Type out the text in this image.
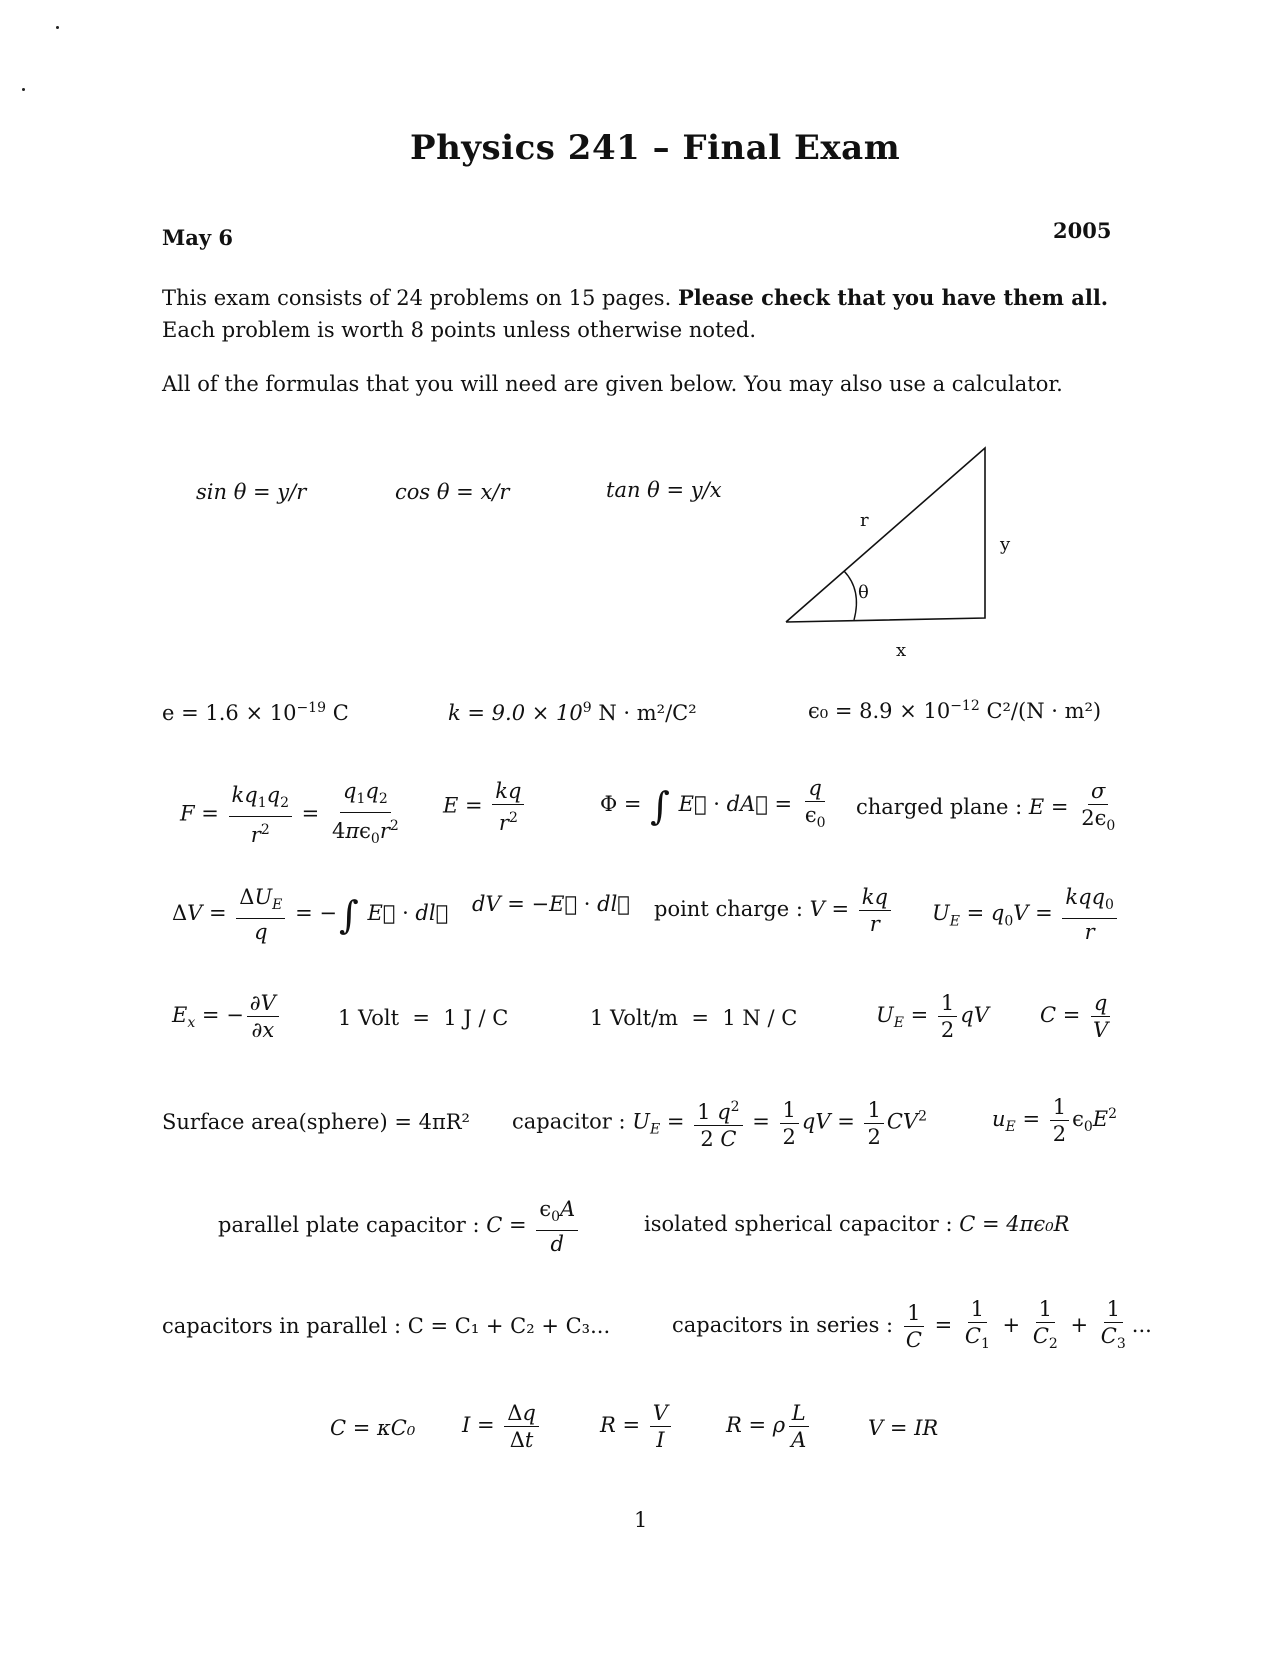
Physics 241 – Final Exam
May 6	2005
This exam consists of 24 problems on 15 pages. Please check that you have them all.
Each problem is worth 8 points unless otherwise noted.
All of the formulas that you will need are given below. You may also use a calculator.
sin θ = y/r	cos θ = x/r	tan θ = y/x
r
y
θ
x
$e = 1.6 \times 10^{-19}$ C	$k = 9.0 \times 10^9$ N · m²/C²	$\epsilon_0 = 8.9 \times 10^{-12}$ C²/(N · m²)
$F = \frac{kq_1q_2}{r^2} = \frac{q_1q_2}{4\pi\epsilon_0r^2}$ $E = \frac{kq}{r^2}$	Φ = ∫ E⃗ · dA⃗ = $\frac{q}{\epsilon_0}$ charged plane : $E = \frac{\sigma}{2\epsilon_0}$
$\Delta V = \frac{\Delta U_E}{q}$ = −∫ E⃗ · dl⃗ dV = −E⃗ · dl⃗ point charge : $V = \frac{kq}{r} U_E = q_0V = \frac{kqq_0}{r}$
$E_x$ = − $\frac{\partial V}{\partial x}$	1 Volt  =  1 J / C	1 Volt/m  =  1 N / C	$U_E = \frac{1}{2}$ qV $C = \frac{q}{V}$
Surface area(sphere) = 4πR² capacitor : $U_E = \frac{1 q^2}{2 C} = \frac{1}{2}$ qV = $\frac{1}{2} CV^2$	$u_E = \frac{1}{2} \epsilon_0E^2$
parallel plate capacitor : $C = \frac{\epsilon_0A}{d}$	isolated spherical capacitor : C = 4πϵ₀R
capacitors in parallel : C = C₁ + C₂ + C₃...	capacitors in series : $\frac{1}{C} = \frac{1}{C_1} + \frac{1}{C_2} + \frac{1}{C_3}$ ...
C = κC₀ $I = \frac{\Delta q}{\Delta t}$	$R = \frac{V}{I}$	R = ρ $\frac{L}{A}$	V = IR
1
